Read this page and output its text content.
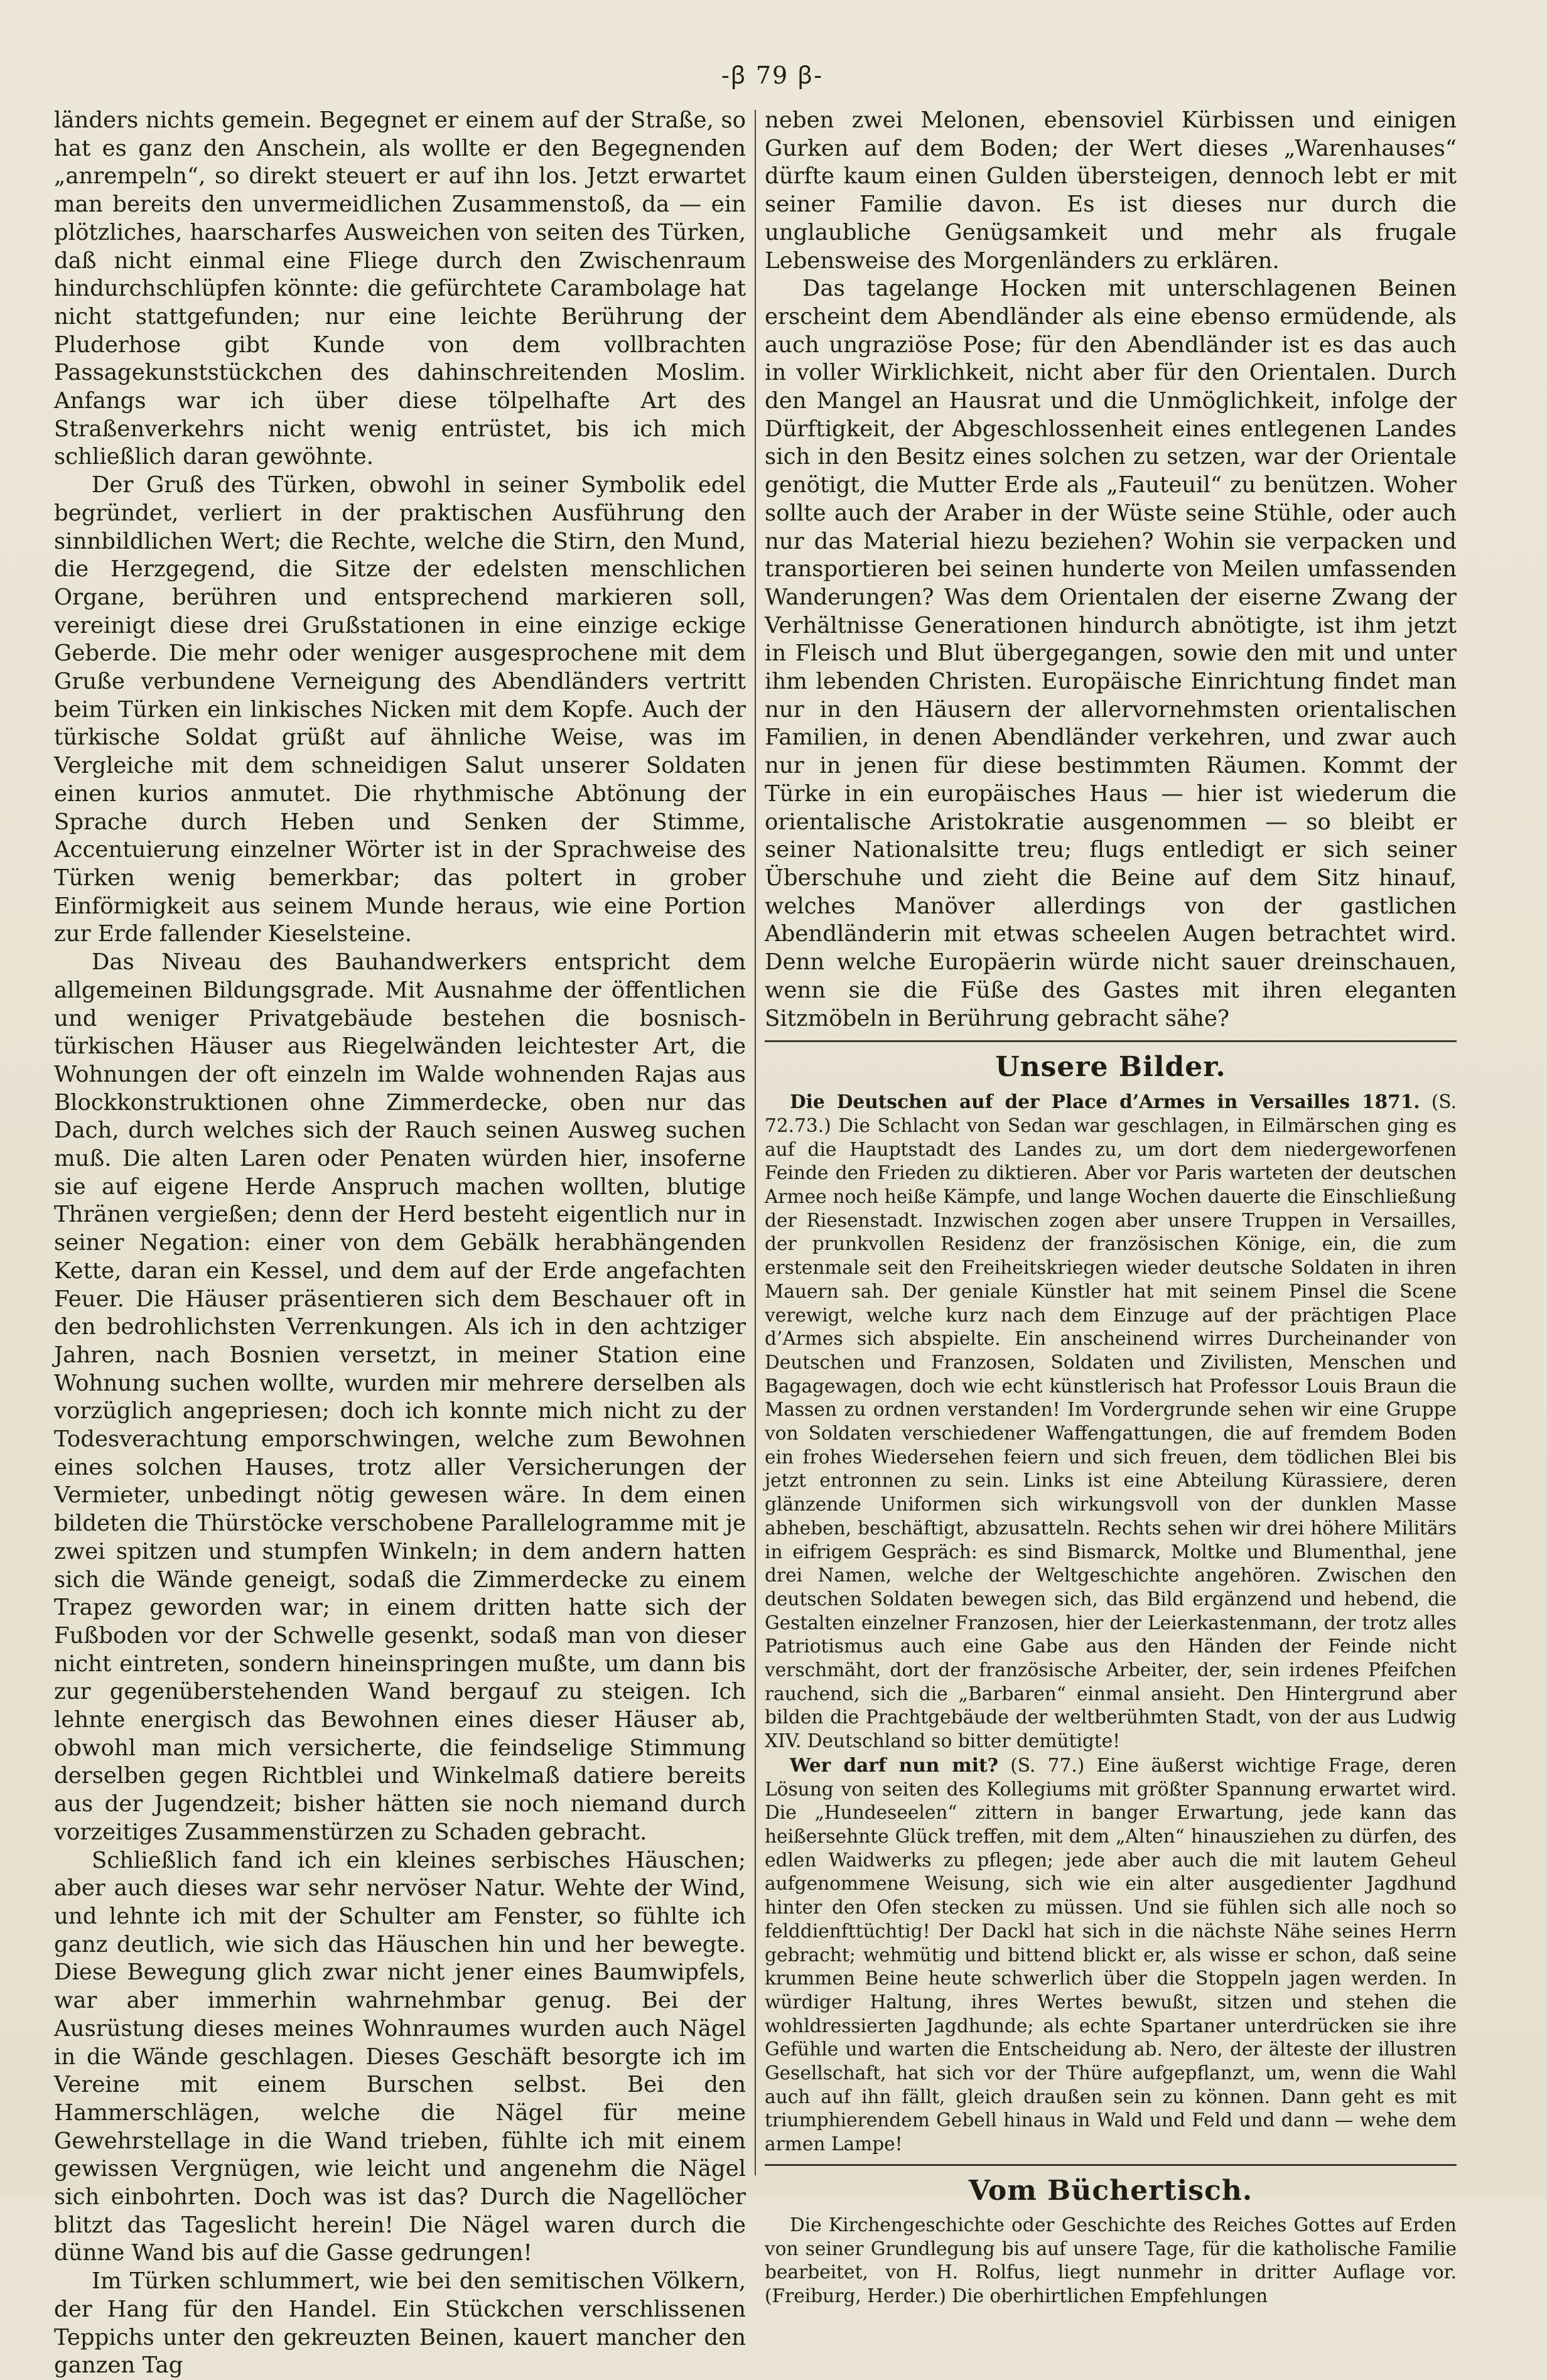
-ꞵ 79 ꞵ-

länders nichts gemein. Begegnet er einem auf der Straße, so hat es ganz den Anschein, als wollte er den Begegnenden „anrempeln“, so direkt steuert er auf ihn los. Jetzt erwartet man bereits den unvermeidlichen Zusammenstoß, da — ein plötzliches, haarscharfes Ausweichen von seiten des Türken, daß nicht einmal eine Fliege durch den Zwischenraum hindurchschlüpfen könnte: die gefürchtete Carambolage hat nicht stattgefunden; nur eine leichte Berührung der Pluderhose gibt Kunde von dem vollbrachten Passagekunststückchen des dahinschreitenden Moslim. Anfangs war ich über diese tölpelhafte Art des Straßenverkehrs nicht wenig entrüstet, bis ich mich schließlich daran gewöhnte.

Der Gruß des Türken, obwohl in seiner Symbolik edel begründet, verliert in der praktischen Ausführung den sinnbildlichen Wert; die Rechte, welche die Stirn, den Mund, die Herzgegend, die Sitze der edelsten menschlichen Organe, berühren und entsprechend markieren soll, vereinigt diese drei Grußstationen in eine einzige eckige Geberde. Die mehr oder weniger ausgesprochene mit dem Gruße verbundene Verneigung des Abendländers vertritt beim Türken ein linkisches Nicken mit dem Kopfe. Auch der türkische Soldat grüßt auf ähnliche Weise, was im Vergleiche mit dem schneidigen Salut unserer Soldaten einen kurios anmutet. Die rhythmische Abtönung der Sprache durch Heben und Senken der Stimme, Accentuierung einzelner Wörter ist in der Sprachweise des Türken wenig bemerkbar; das poltert in grober Einförmigkeit aus seinem Munde heraus, wie eine Portion zur Erde fallender Kieselsteine.

Das Niveau des Bauhandwerkers entspricht dem allgemeinen Bildungsgrade. Mit Ausnahme der öffentlichen und weniger Privatgebäude bestehen die bosnisch-türkischen Häuser aus Riegelwänden leichtester Art, die Wohnungen der oft einzeln im Walde wohnenden Rajas aus Blockkonstruktionen ohne Zimmerdecke, oben nur das Dach, durch welches sich der Rauch seinen Ausweg suchen muß. Die alten Laren oder Penaten würden hier, insoferne sie auf eigene Herde Anspruch machen wollten, blutige Thränen vergießen; denn der Herd besteht eigentlich nur in seiner Negation: einer von dem Gebälk herabhängenden Kette, daran ein Kessel, und dem auf der Erde angefachten Feuer. Die Häuser präsentieren sich dem Beschauer oft in den bedrohlichsten Verrenkungen. Als ich in den achtziger Jahren, nach Bosnien versetzt, in meiner Station eine Wohnung suchen wollte, wurden mir mehrere derselben als vorzüglich angepriesen; doch ich konnte mich nicht zu der Todesverachtung emporschwingen, welche zum Bewohnen eines solchen Hauses, trotz aller Versicherungen der Vermieter, unbedingt nötig gewesen wäre. In dem einen bildeten die Thürstöcke verschobene Parallelogramme mit je zwei spitzen und stumpfen Winkeln; in dem andern hatten sich die Wände geneigt, sodaß die Zimmerdecke zu einem Trapez geworden war; in einem dritten hatte sich der Fußboden vor der Schwelle gesenkt, sodaß man von dieser nicht eintreten, sondern hineinspringen mußte, um dann bis zur gegenüberstehenden Wand bergauf zu steigen. Ich lehnte energisch das Bewohnen eines dieser Häuser ab, obwohl man mich versicherte, die feindselige Stimmung derselben gegen Richtblei und Winkelmaß datiere bereits aus der Jugendzeit; bisher hätten sie noch niemand durch vorzeitiges Zusammenstürzen zu Schaden gebracht.

Schließlich fand ich ein kleines serbisches Häuschen; aber auch dieses war sehr nervöser Natur. Wehte der Wind, und lehnte ich mit der Schulter am Fenster, so fühlte ich ganz deutlich, wie sich das Häuschen hin und her bewegte. Diese Bewegung glich zwar nicht jener eines Baumwipfels, war aber immerhin wahrnehmbar genug. Bei der Ausrüstung dieses meines Wohnraumes wurden auch Nägel in die Wände geschlagen. Dieses Geschäft besorgte ich im Vereine mit einem Burschen selbst. Bei den Hammerschlägen, welche die Nägel für meine Gewehrstellage in die Wand trieben, fühlte ich mit einem gewissen Vergnügen, wie leicht und angenehm die Nägel sich einbohrten. Doch was ist das? Durch die Nagellöcher blitzt das Tageslicht herein! Die Nägel waren durch die dünne Wand bis auf die Gasse gedrungen!

Im Türken schlummert, wie bei den semitischen Völkern, der Hang für den Handel. Ein Stückchen verschlissenen Teppichs unter den gekreuzten Beinen, kauert mancher den ganzen Tag

neben zwei Melonen, ebensoviel Kürbissen und einigen Gurken auf dem Boden; der Wert dieses „Warenhauses“ dürfte kaum einen Gulden übersteigen, dennoch lebt er mit seiner Familie davon. Es ist dieses nur durch die unglaubliche Genügsamkeit und mehr als frugale Lebensweise des Morgenländers zu erklären.

Das tagelange Hocken mit unterschlagenen Beinen erscheint dem Abendländer als eine ebenso ermüdende, als auch ungraziöse Pose; für den Abendländer ist es das auch in voller Wirklichkeit, nicht aber für den Orientalen. Durch den Mangel an Hausrat und die Unmöglichkeit, infolge der Dürftigkeit, der Abgeschlossenheit eines entlegenen Landes sich in den Besitz eines solchen zu setzen, war der Orientale genötigt, die Mutter Erde als „Fauteuil“ zu benützen. Woher sollte auch der Araber in der Wüste seine Stühle, oder auch nur das Material hiezu beziehen? Wohin sie verpacken und transportieren bei seinen hunderte von Meilen umfassenden Wanderungen? Was dem Orientalen der eiserne Zwang der Verhältnisse Generationen hindurch abnötigte, ist ihm jetzt in Fleisch und Blut übergegangen, sowie den mit und unter ihm lebenden Christen. Europäische Einrichtung findet man nur in den Häusern der allervornehmsten orientalischen Familien, in denen Abendländer verkehren, und zwar auch nur in jenen für diese bestimmten Räumen. Kommt der Türke in ein europäisches Haus — hier ist wiederum die orientalische Aristokratie ausgenommen — so bleibt er seiner Nationalsitte treu; flugs entledigt er sich seiner Überschuhe und zieht die Beine auf dem Sitz hinauf, welches Manöver allerdings von der gastlichen Abendländerin mit etwas scheelen Augen betrachtet wird. Denn welche Europäerin würde nicht sauer dreinschauen, wenn sie die Füße des Gastes mit ihren eleganten Sitzmöbeln in Berührung gebracht sähe?

Unsere Bilder.

Die Deutschen auf der Place d’Armes in Versailles 1871. (S. 72.73.) Die Schlacht von Sedan war geschlagen, in Eilmärschen ging es auf die Hauptstadt des Landes zu, um dort dem niedergeworfenen Feinde den Frieden zu diktieren. Aber vor Paris warteten der deutschen Armee noch heiße Kämpfe, und lange Wochen dauerte die Einschließung der Riesenstadt. Inzwischen zogen aber unsere Truppen in Versailles, der prunkvollen Residenz der französischen Könige, ein, die zum erstenmale seit den Freiheitskriegen wieder deutsche Soldaten in ihren Mauern sah. Der geniale Künstler hat mit seinem Pinsel die Scene verewigt, welche kurz nach dem Einzuge auf der prächtigen Place d’Armes sich abspielte. Ein anscheinend wirres Durcheinander von Deutschen und Franzosen, Soldaten und Zivilisten, Menschen und Bagagewagen, doch wie echt künstlerisch hat Professor Louis Braun die Massen zu ordnen verstanden! Im Vordergrunde sehen wir eine Gruppe von Soldaten verschiedener Waffengattungen, die auf fremdem Boden ein frohes Wiedersehen feiern und sich freuen, dem tödlichen Blei bis jetzt entronnen zu sein. Links ist eine Abteilung Kürassiere, deren glänzende Uniformen sich wirkungsvoll von der dunklen Masse abheben, beschäftigt, abzusatteln. Rechts sehen wir drei höhere Militärs in eifrigem Gespräch: es sind Bismarck, Moltke und Blumenthal, jene drei Namen, welche der Weltgeschichte angehören. Zwischen den deutschen Soldaten bewegen sich, das Bild ergänzend und hebend, die Gestalten einzelner Franzosen, hier der Leierkastenmann, der trotz alles Patriotismus auch eine Gabe aus den Händen der Feinde nicht verschmäht, dort der französische Arbeiter, der, sein irdenes Pfeifchen rauchend, sich die „Barbaren“ einmal ansieht. Den Hintergrund aber bilden die Prachtgebäude der weltberühmten Stadt, von der aus Ludwig XIV. Deutschland so bitter demütigte!

Wer darf nun mit? (S. 77.) Eine äußerst wichtige Frage, deren Lösung von seiten des Kollegiums mit größter Spannung erwartet wird. Die „Hundeseelen“ zittern in banger Erwartung, jede kann das heißersehnte Glück treffen, mit dem „Alten“ hinausziehen zu dürfen, des edlen Waidwerks zu pflegen; jede aber auch die mit lautem Geheul aufgenommene Weisung, sich wie ein alter ausgedienter Jagdhund hinter den Ofen stecken zu müssen. Und sie fühlen sich alle noch so felddienfttüchtig! Der Dackl hat sich in die nächste Nähe seines Herrn gebracht; wehmütig und bittend blickt er, als wisse er schon, daß seine krummen Beine heute schwerlich über die Stoppeln jagen werden. In würdiger Haltung, ihres Wertes bewußt, sitzen und stehen die wohldressierten Jagdhunde; als echte Spartaner unterdrücken sie ihre Gefühle und warten die Entscheidung ab. Nero, der älteste der illustren Gesellschaft, hat sich vor der Thüre aufgepflanzt, um, wenn die Wahl auch auf ihn fällt, gleich draußen sein zu können. Dann geht es mit triumphierendem Gebell hinaus in Wald und Feld und dann — wehe dem armen Lampe!

Vom Büchertisch.

Die Kirchengeschichte oder Geschichte des Reiches Gottes auf Erden von seiner Grundlegung bis auf unsere Tage, für die katholische Familie bearbeitet, von H. Rolfus, liegt nunmehr in dritter Auflage vor. (Freiburg, Herder.) Die oberhirtlichen Empfehlungen
